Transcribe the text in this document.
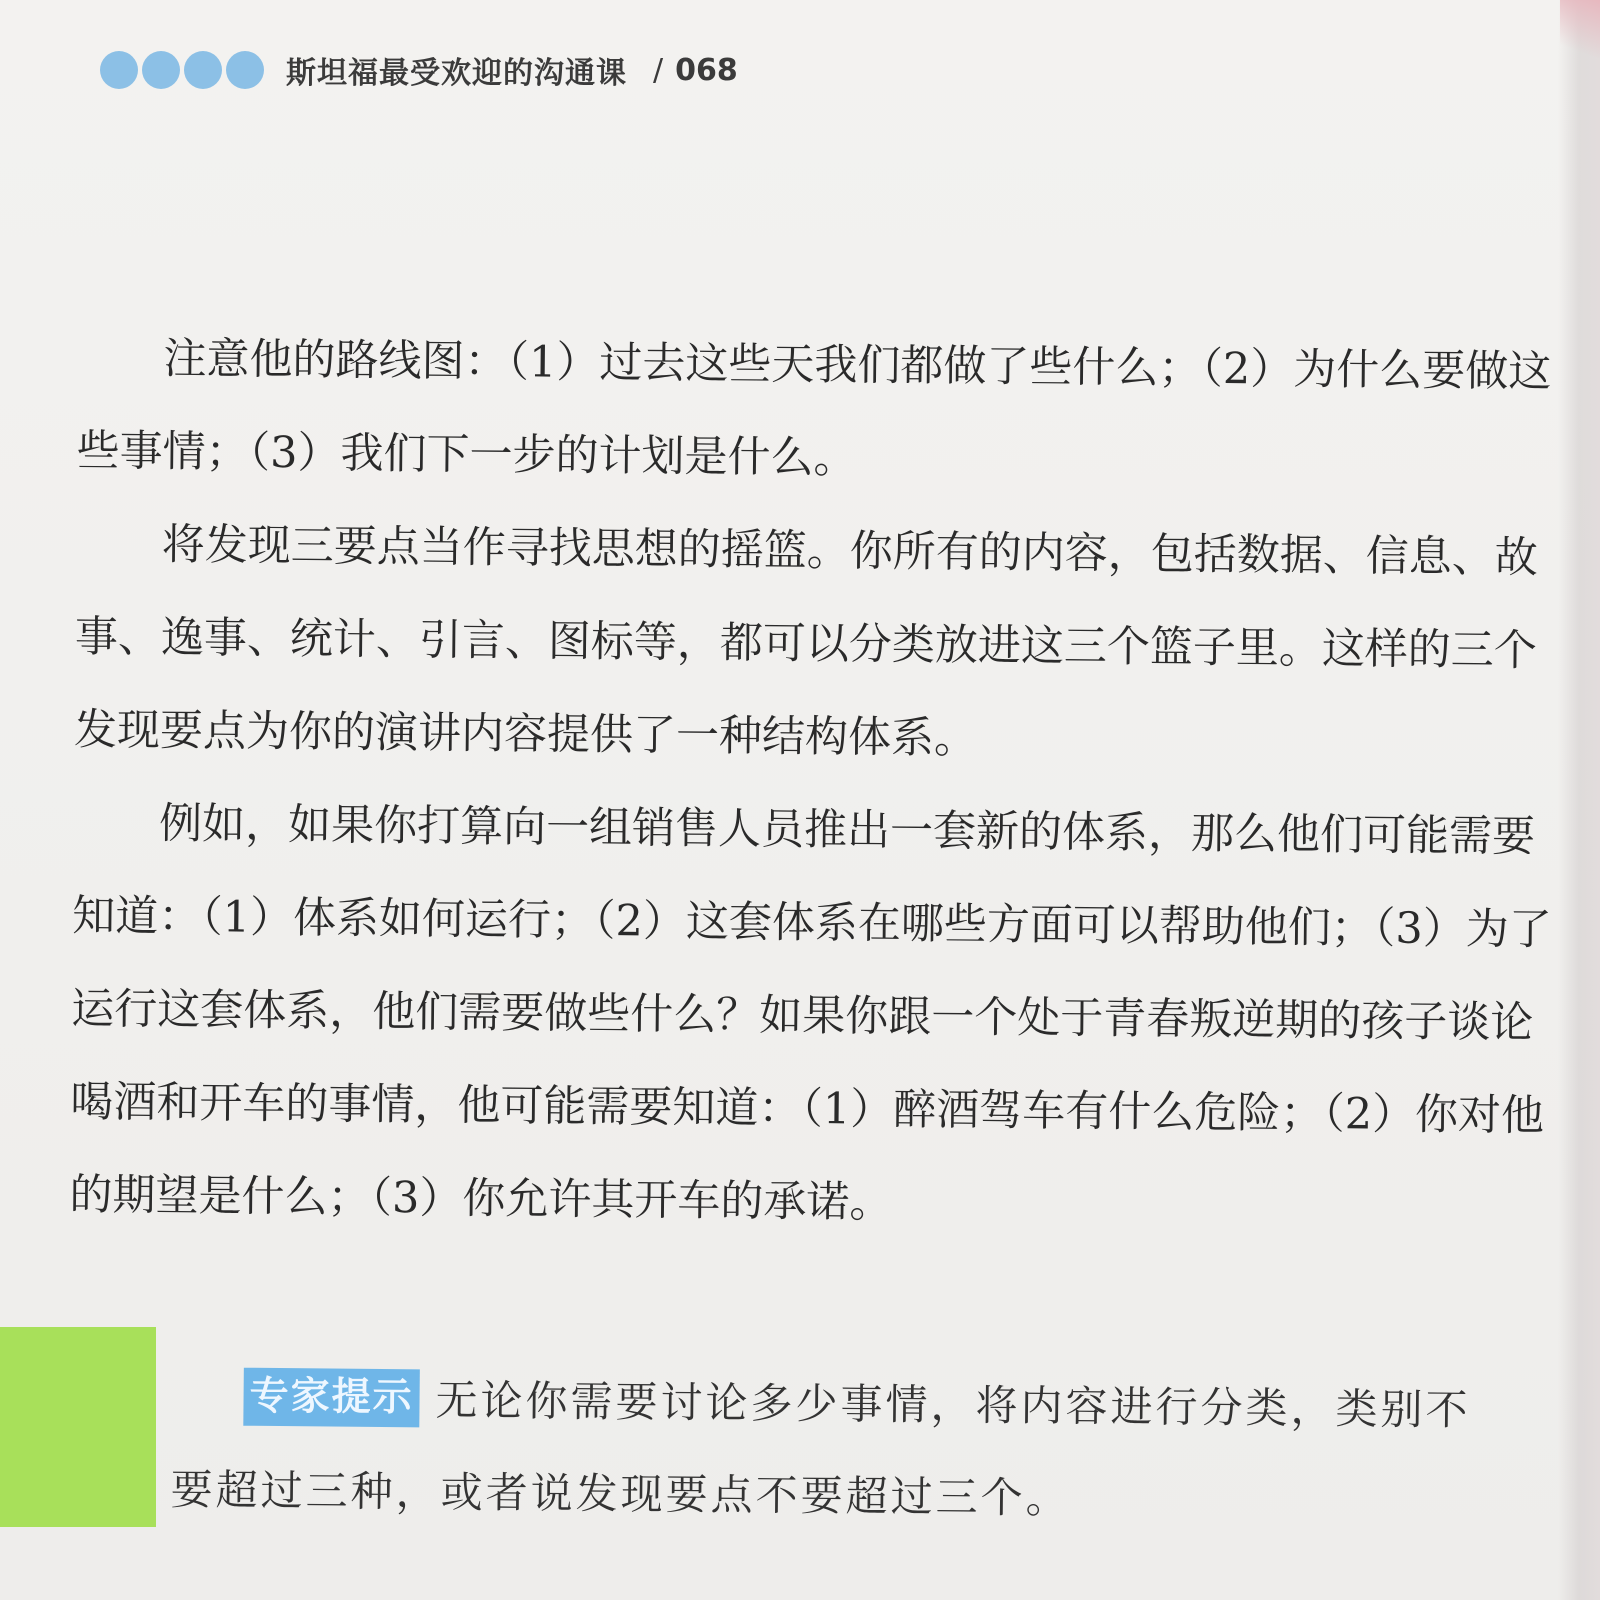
斯坦福最受欢迎的沟通课 / 068

注意他的路线图：（1）过去这些天我们都做了些什么；（2）为什么要做这些事情；（3）我们下一步的计划是什么。

将发现三要点当作寻找思想的摇篮。你所有的内容，包括数据、信息、故事、逸事、统计、引言、图标等，都可以分类放进这三个篮子里。这样的三个发现要点为你的演讲内容提供了一种结构体系。

例如，如果你打算向一组销售人员推出一套新的体系，那么他们可能需要知道：（1）体系如何运行；（2）这套体系在哪些方面可以帮助他们；（3）为了运行这套体系，他们需要做些什么？如果你跟一个处于青春叛逆期的孩子谈论喝酒和开车的事情，他可能需要知道：（1）醉酒驾车有什么危险；（2）你对他的期望是什么；（3）你允许其开车的承诺。

专家提示 无论你需要讨论多少事情，将内容进行分类，类别不要超过三种，或者说发现要点不要超过三个。
